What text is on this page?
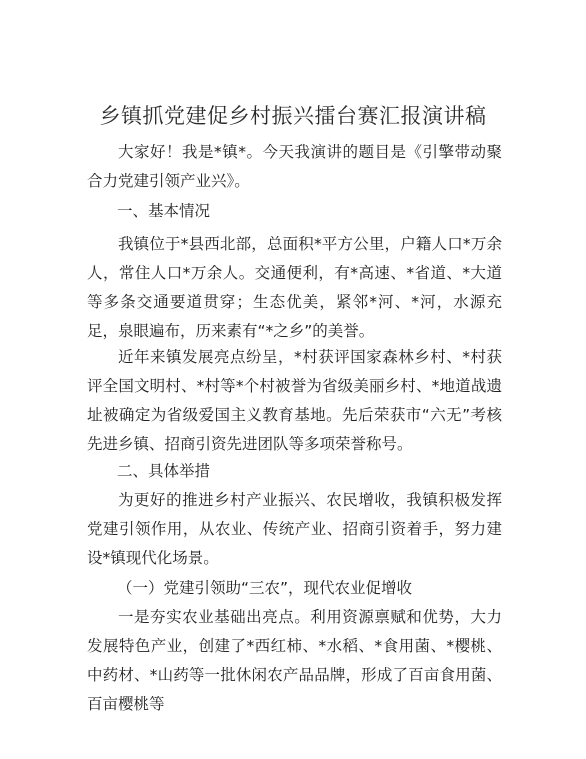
乡镇抓党建促乡村振兴擂台赛汇报演讲稿
大家好！我是*镇*。今天我演讲的题目是《引擎带动聚合力党建引领产业兴》。
一、基本情况
我镇位于*县西北部，总面积*平方公里，户籍人口*万余人，常住人口*万余人。交通便利，有*高速、*省道、*大道等多条交通要道贯穿；生态优美，紧邻*河、*河，水源充足，泉眼遍布，历来素有“*之乡”的美誉。
近年来镇发展亮点纷呈，*村获评国家森林乡村、*村获评全国文明村、*村等*个村被誉为省级美丽乡村、*地道战遗址被确定为省级爱国主义教育基地。先后荣获市“六无”考核先进乡镇、招商引资先进团队等多项荣誉称号。
二、具体举措
为更好的推进乡村产业振兴、农民增收，我镇积极发挥党建引领作用，从农业、传统产业、招商引资着手，努力建设*镇现代化场景。
（一）党建引领助“三农”，现代农业促增收
一是夯实农业基础出亮点。利用资源禀赋和优势，大力发展特色产业，创建了*西红柿、*水稻、*食用菌、*樱桃、中药材、*山药等一批休闲农产品品牌，形成了百亩食用菌、百亩樱桃等
